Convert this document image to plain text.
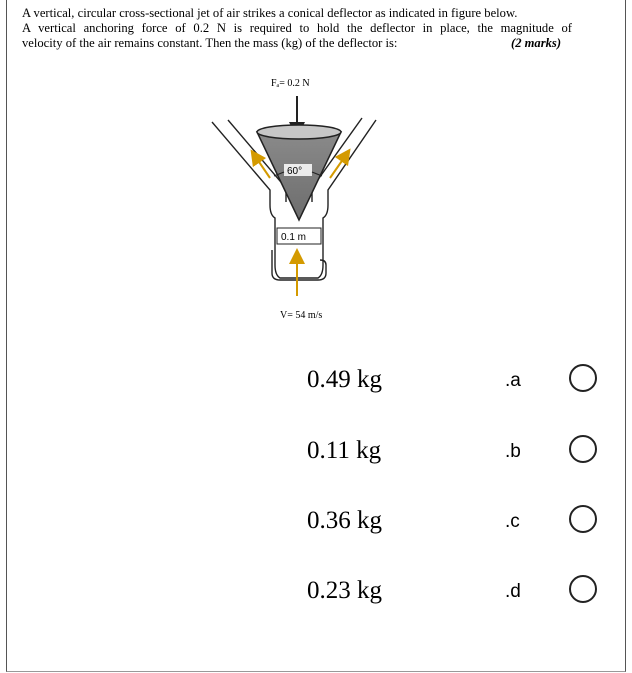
A vertical, circular cross-sectional jet of air strikes a conical deflector as indicated in figure below.
A vertical anchoring force of 0.2 N is required to hold the deflector in place, the magnitude of
velocity of the air remains constant. Then the mass (kg) of the deflector is:	(2 marks)
Fₐ= 0.2 N
60°
0.1 m
V= 54 m/s
0.49 kg	.a
0.11 kg	.b
0.36 kg	.c
0.23 kg	.d
